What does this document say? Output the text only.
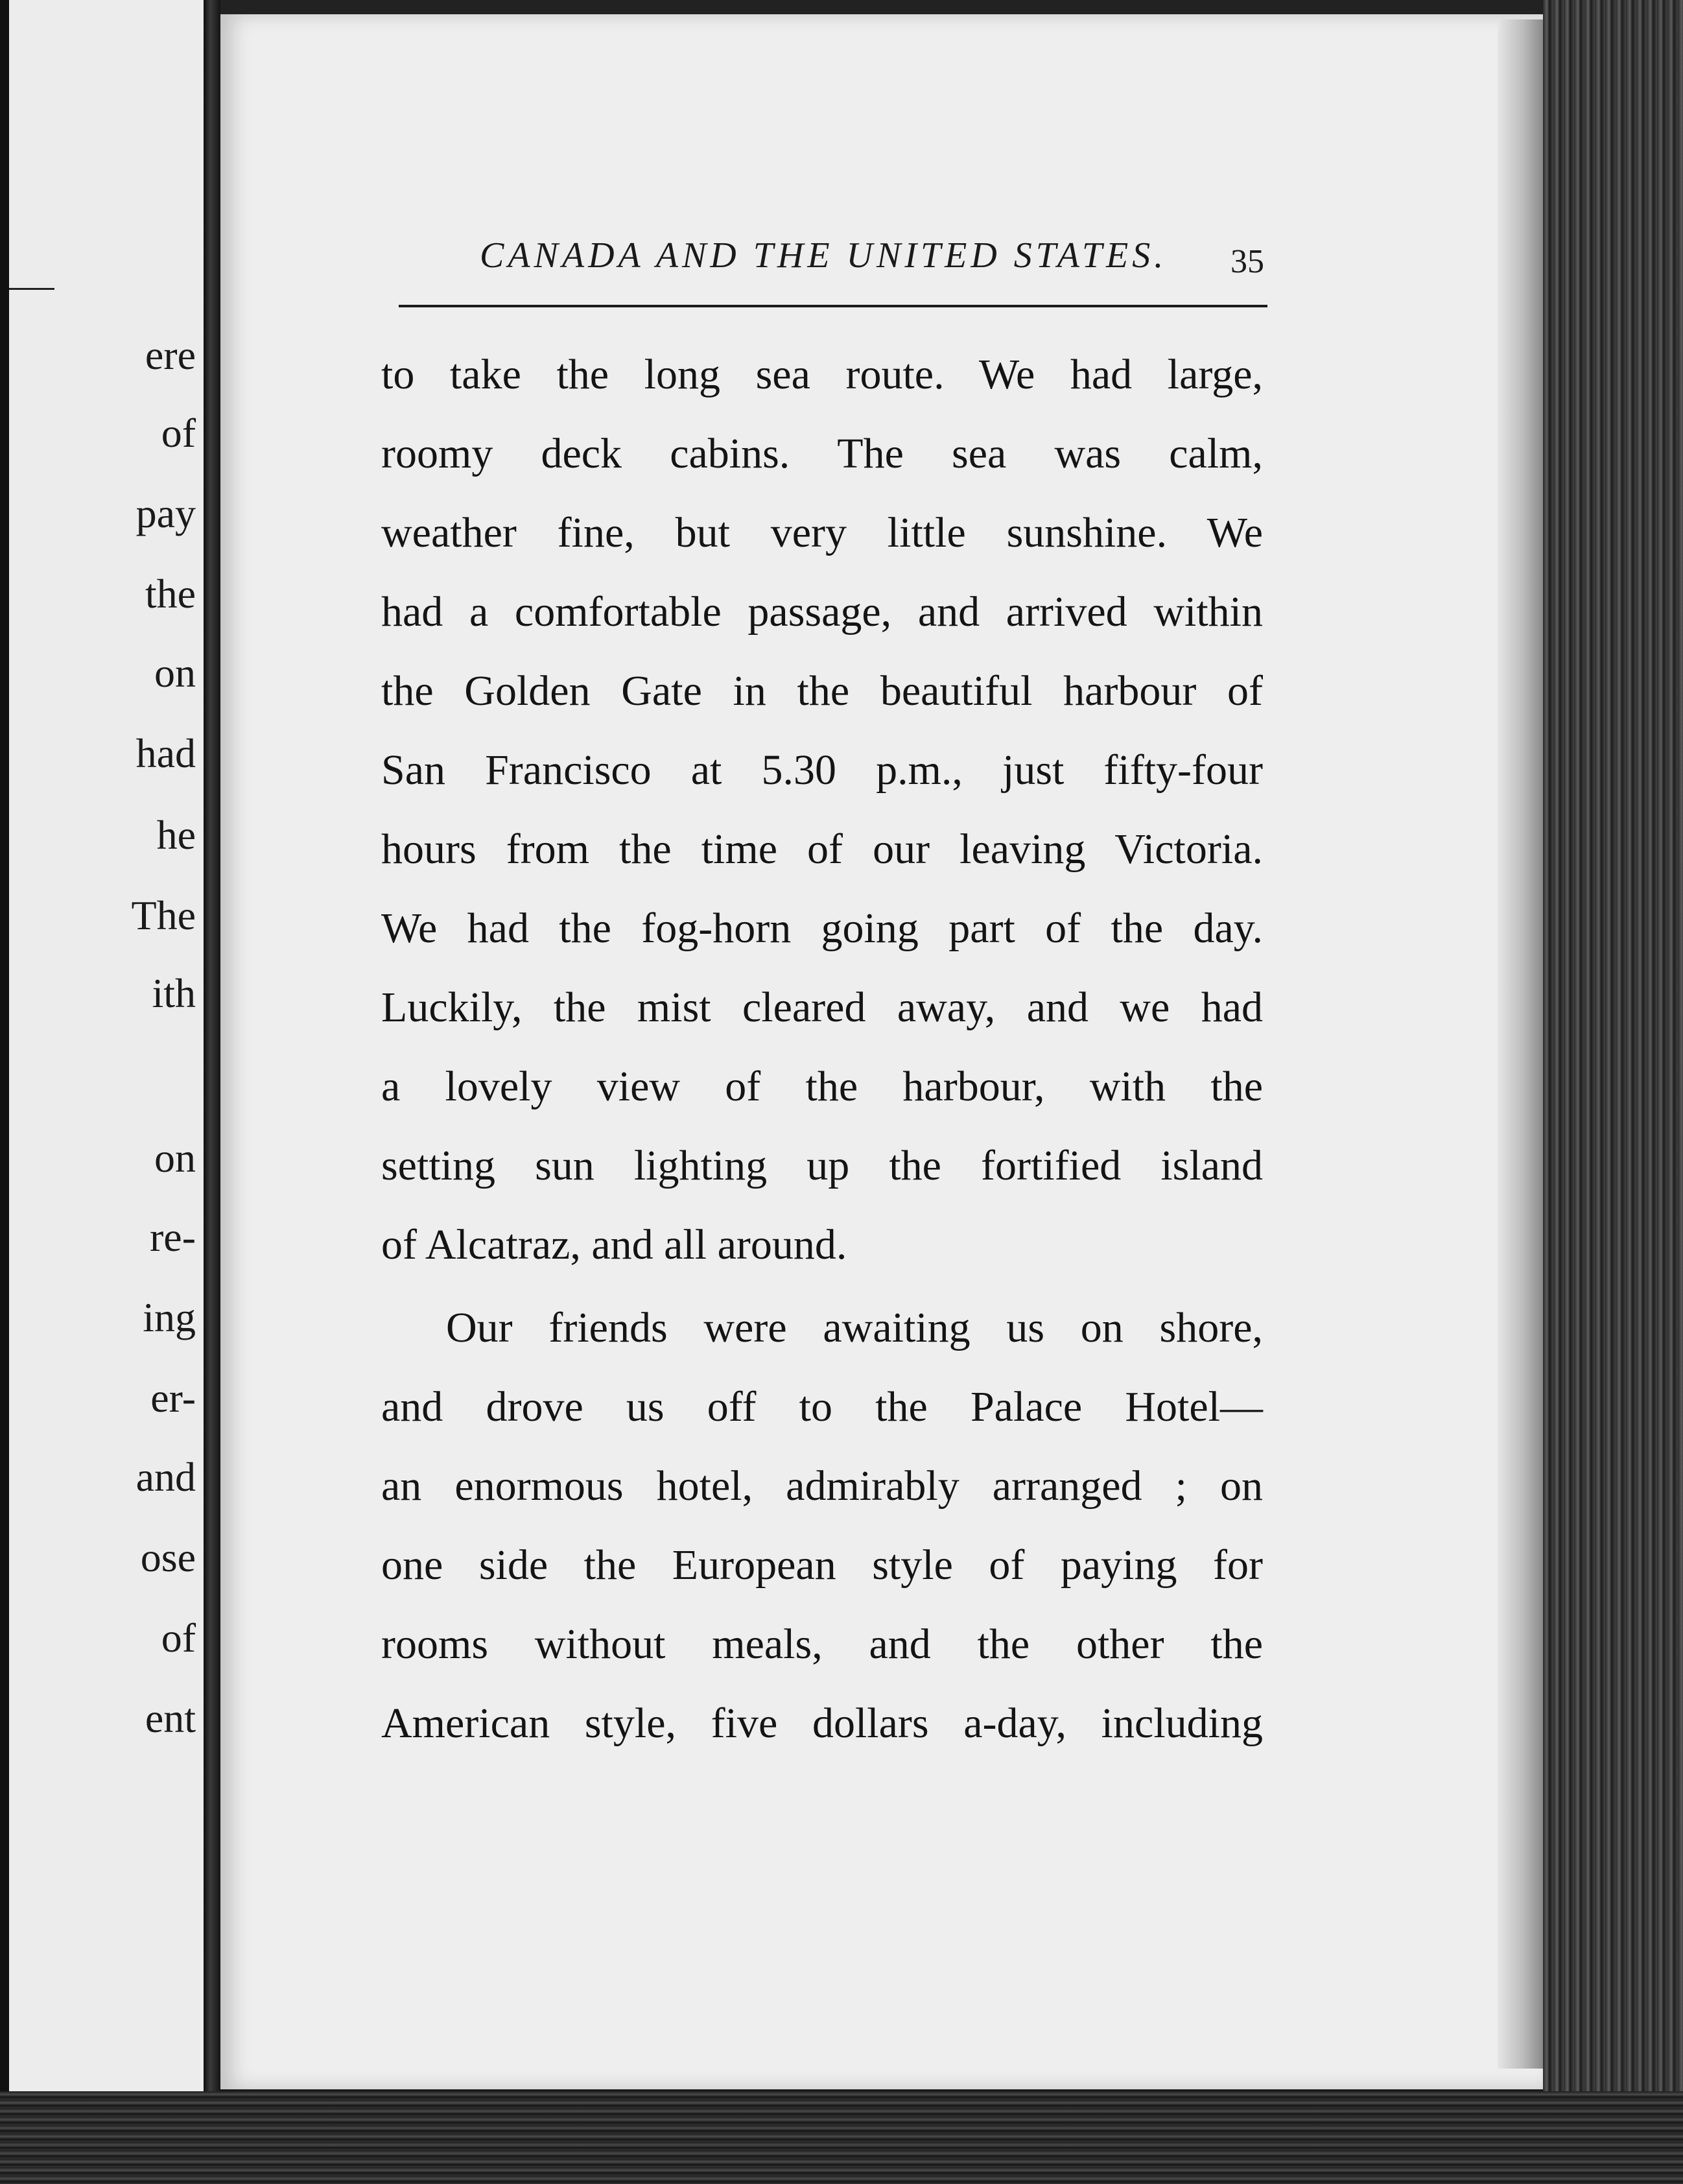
ere
of
pay
the
on
had
he
The
ith
on
re-
ing
er-
and
ose
of
ent
CANADA AND THE UNITED STATES. 35
to take the long sea route. We had large,
roomy deck cabins. The sea was calm,
weather fine, but very little sunshine. We
had a comfortable passage, and arrived within
the Golden Gate in the beautiful harbour of
San Francisco at 5.30 p.m., just fifty-four
hours from the time of our leaving Victoria.
We had the fog-horn going part of the day.
Luckily, the mist cleared away, and we had
a lovely view of the harbour, with the
setting sun lighting up the fortified island
of Alcatraz, and all around.
Our friends were awaiting us on shore,
and drove us off to the Palace Hotel—
an enormous hotel, admirably arranged ; on
one side the European style of paying for
rooms without meals, and the other the
American style, five dollars a-day, including
